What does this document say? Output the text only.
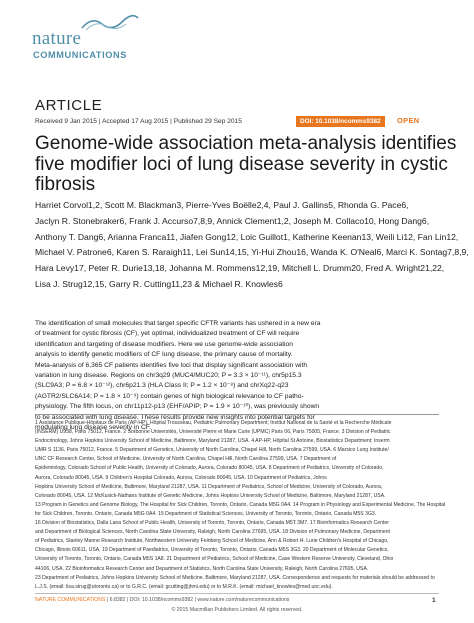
nature
COMMUNICATIONS
ARTICLE
Received 9 Jan 2015 | Accepted 17 Aug 2015 | Published 29 Sep 2015	DOI: 10.1038/ncomms9382	OPEN
Genome-wide association meta-analysis identifies
five modifier loci of lung disease severity in cystic
fibrosis
Harriet Corvol1,2, Scott M. Blackman3, Pierre-Yves Boëlle2,4, Paul J. Gallins5, Rhonda G. Pace6,
Jaclyn R. Stonebraker6, Frank J. Accurso7,8,9, Annick Clement1,2, Joseph M. Collaco10, Hong Dang6,
Anthony T. Dang6, Arianna Franca11, Jiafen Gong12, Loic Guillot1, Katherine Keenan13, Weili Li12, Fan Lin12,
Michael V. Patrone6, Karen S. Raraigh11, Lei Sun14,15, Yi-Hui Zhou16, Wanda K. O'Neal6, Marci K. Sontag7,8,9,
Hara Levy17, Peter R. Durie13,18, Johanna M. Rommens12,19, Mitchell L. Drumm20, Fred A. Wright21,22,
Lisa J. Strug12,15, Garry R. Cutting11,23 & Michael R. Knowles6
The identification of small molecules that target specific CFTR variants has ushered in a new era
of treatment for cystic fibrosis (CF), yet optimal, individualized treatment of CF will require
identification and targeting of disease modifiers. Here we use genome-wide association
analysis to identify genetic modifiers of CF lung disease, the primary cause of mortality.
Meta-analysis of 6,365 CF patients identifies five loci that display significant association with
variation in lung disease. Regions on chr3q29 (MUC4/MUC20; P = 3.3 × 10⁻¹¹), chr5p15.3
(SLC9A3; P = 6.8 × 10⁻¹²), chr6p21.3 (HLA Class II; P = 1.2 × 10⁻⁸) and chrXq22-q23
(AGTR2/SLC6A14; P = 1.8 × 10⁻⁹) contain genes of high biological relevance to CF patho-
physiology. The fifth locus, on chr11p12-p13 (EHF/APIP; P = 1.9 × 10⁻¹⁰), was previously shown
to be associated with lung disease. These results provide new insights into potential targets for
modulating lung disease severity in CF.
1 Assistance Publique-Hôpitaux de Paris (AP-HP), Hôpital Trousseau, Pediatric Pulmonary Department; Institut National de la Santé et la Recherche Médicale
(INSERM) U938, Paris 75012, France. 2 Sorbonne Universités, Université Pierre et Marie Curie (UPMC) Paris 06, Paris 75005, France. 3 Division of Pediatric
Endocrinology, Johns Hopkins University School of Medicine, Baltimore, Maryland 21287, USA. 4 AP-HP, Hôpital St Antoine, Biostatistics Department; Inserm
UMR S 1136, Paris 75012, France. 5 Department of Genetics, University of North Carolina, Chapel Hill, North Carolina 27599, USA. 6 Marsico Lung Institute/
UNC CF Research Center, School of Medicine, University of North Carolina, Chapel Hill, North Carolina 27599, USA. 7 Department of
Epidemiology, Colorado School of Public Health, University of Colorado, Aurora, Colorado 80045, USA. 8 Department of Pediatrics, University of Colorado,
Aurora, Colorado 80045, USA. 9 Children's Hospital Colorado, Aurora, Colorado 80045, USA. 10 Department of Pediatrics, Johns
Hopkins University School of Medicine, Baltimore, Maryland 21287, USA. 11 Department of Pediatrics, School of Medicine, University of Colorado, Aurora,
Colorado 80045, USA. 12 McKusick-Nathans Institute of Genetic Medicine, Johns Hopkins University School of Medicine, Baltimore, Maryland 21287, USA.
13 Program in Genetics and Genome Biology, The Hospital for Sick Children, Toronto, Ontario, Canada M5G 0A4. 14 Program in Physiology and Experimental Medicine, The Hospital
for Sick Children, Toronto, Ontario, Canada M5G 0A4. 15 Department of Statistical Sciences, University of Toronto, Toronto, Ontario, Canada M5S 3G3.
16 Division of Biostatistics, Dalla Lana School of Public Health, University of Toronto, Toronto, Ontario, Canada M5T 3M7. 17 Bioinformatics Research Center
and Department of Biological Sciences, North Carolina State University, Raleigh, North Carolina 27695, USA. 18 Division of Pulmonary Medicine, Department
of Pediatrics, Stanley Manne Research Institute, Northwestern University Feinberg School of Medicine, Ann & Robert H. Lurie Children's Hospital of Chicago,
Chicago, Illinois 60611, USA. 19 Department of Paediatrics, University of Toronto, Toronto, Ontario, Canada M5S 3G3. 20 Department of Molecular Genetics,
University of Toronto, Toronto, Ontario, Canada M5S 1A8. 21 Department of Pediatrics, School of Medicine, Case Western Reserve University, Cleveland, Ohio
44106, USA. 22 Bioinformatics Research Center and Department of Statistics, North Carolina State University, Raleigh, North Carolina 27695, USA.
23 Department of Pediatrics, Johns Hopkins University School of Medicine, Baltimore, Maryland 21287, USA. Correspondence and requests for materials should be addressed to
L.J.S. (email: lisa.strug@utoronto.ca) or to G.R.C. (email: gcutting@jhmi.edu) or to M.R.K. (email: michael_knowles@med.unc.edu).
NATURE COMMUNICATIONS | 6:8382 | DOI: 10.1038/ncomms9382 | www.nature.com/naturecommunications	1
© 2015 Macmillan Publishers Limited. All rights reserved.
